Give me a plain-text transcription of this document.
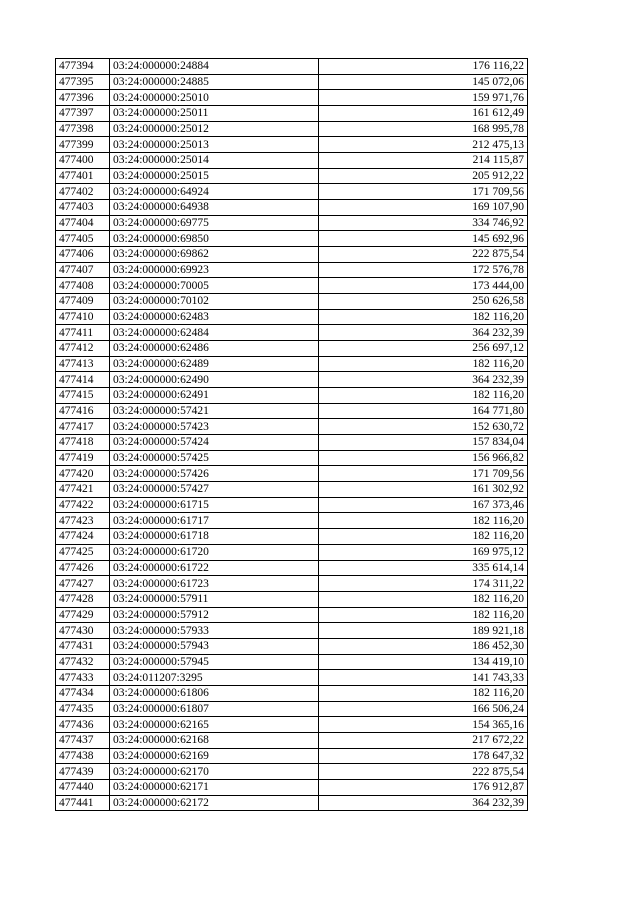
477394	03:24:000000:24884	176 116,22
477395	03:24:000000:24885	145 072,06
477396	03:24:000000:25010	159 971,76
477397	03:24:000000:25011	161 612,49
477398	03:24:000000:25012	168 995,78
477399	03:24:000000:25013	212 475,13
477400	03:24:000000:25014	214 115,87
477401	03:24:000000:25015	205 912,22
477402	03:24:000000:64924	171 709,56
477403	03:24:000000:64938	169 107,90
477404	03:24:000000:69775	334 746,92
477405	03:24:000000:69850	145 692,96
477406	03:24:000000:69862	222 875,54
477407	03:24:000000:69923	172 576,78
477408	03:24:000000:70005	173 444,00
477409	03:24:000000:70102	250 626,58
477410	03:24:000000:62483	182 116,20
477411	03:24:000000:62484	364 232,39
477412	03:24:000000:62486	256 697,12
477413	03:24:000000:62489	182 116,20
477414	03:24:000000:62490	364 232,39
477415	03:24:000000:62491	182 116,20
477416	03:24:000000:57421	164 771,80
477417	03:24:000000:57423	152 630,72
477418	03:24:000000:57424	157 834,04
477419	03:24:000000:57425	156 966,82
477420	03:24:000000:57426	171 709,56
477421	03:24:000000:57427	161 302,92
477422	03:24:000000:61715	167 373,46
477423	03:24:000000:61717	182 116,20
477424	03:24:000000:61718	182 116,20
477425	03:24:000000:61720	169 975,12
477426	03:24:000000:61722	335 614,14
477427	03:24:000000:61723	174 311,22
477428	03:24:000000:57911	182 116,20
477429	03:24:000000:57912	182 116,20
477430	03:24:000000:57933	189 921,18
477431	03:24:000000:57943	186 452,30
477432	03:24:000000:57945	134 419,10
477433	03:24:011207:3295	141 743,33
477434	03:24:000000:61806	182 116,20
477435	03:24:000000:61807	166 506,24
477436	03:24:000000:62165	154 365,16
477437	03:24:000000:62168	217 672,22
477438	03:24:000000:62169	178 647,32
477439	03:24:000000:62170	222 875,54
477440	03:24:000000:62171	176 912,87
477441	03:24:000000:62172	364 232,39
